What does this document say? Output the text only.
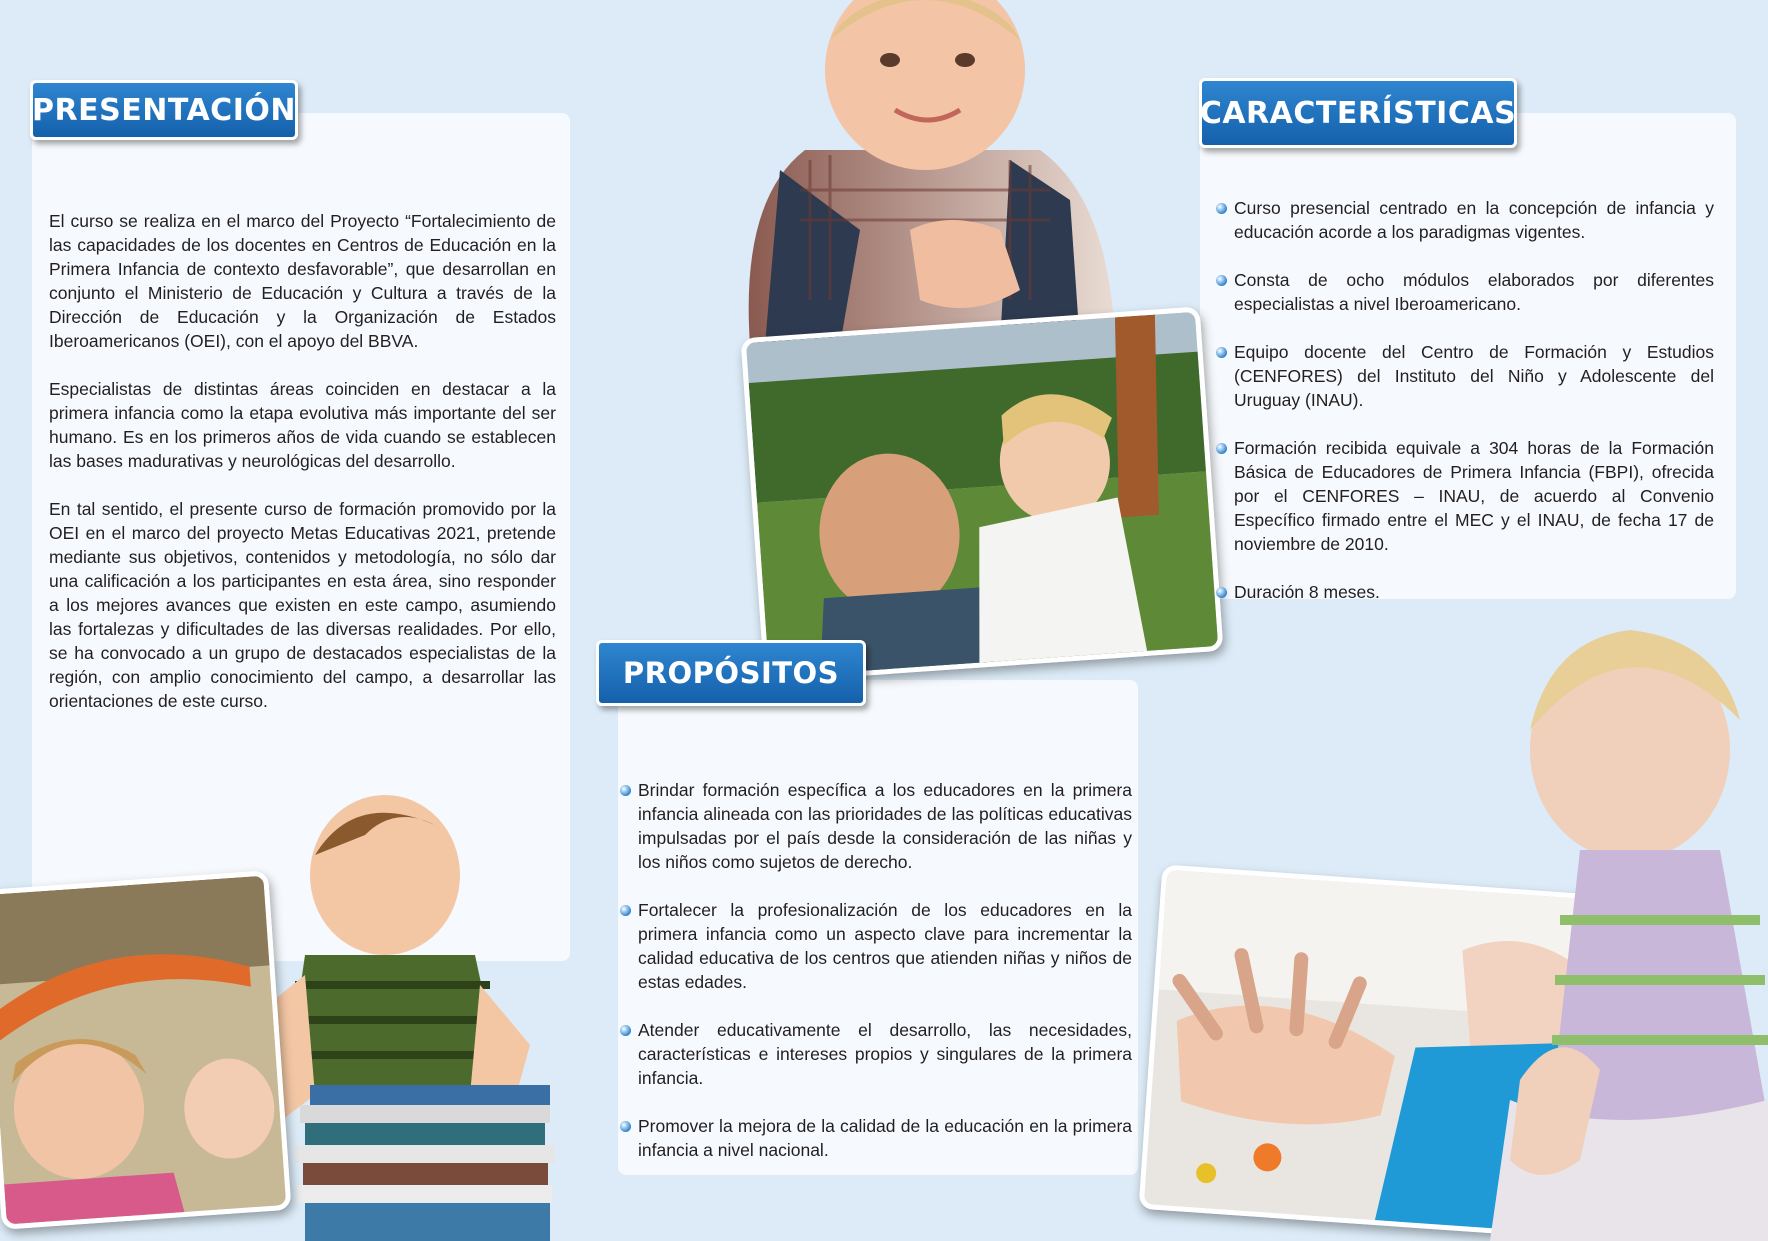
PRESENTACIÓN

El curso se realiza en el marco del Proyecto “Fortalecimiento de las capacidades de los docentes en Centros de Educación en la Primera Infancia de contexto desfavorable”, que desarrollan en conjunto el Ministerio de Educación y Cultura a través de la Dirección de Educación y la Organización de Estados Iberoamericanos (OEI), con el apoyo del BBVA.

Especialistas de distintas áreas coinciden en destacar a la primera infancia como la etapa evolutiva más importante del ser humano. Es en los primeros años de vida cuando se establecen las bases madurativas y neurológicas del desarrollo.

En tal sentido, el presente curso de formación promovido por la OEI en el marco del proyecto Metas Educativas 2021, pretende mediante sus objetivos, contenidos y metodología, no sólo dar una calificación a los participantes en esta área, sino responder a los mejores avances que existen en este campo, asumiendo las fortalezas y dificultades de las diversas realidades. Por ello, se ha convocado a un grupo de destacados especialistas de la región, con amplio conocimiento del campo, a desarrollar las orientaciones de este curso.

PROPÓSITOS
Brindar formación específica a los educadores en la primera infancia alineada con las prioridades de las políticas educativas impulsadas por el país desde la consideración de las niñas y los niños como sujetos de derecho.
Fortalecer la profesionalización de los educadores en la primera infancia como un aspecto clave para incrementar la calidad educativa de los centros que atienden niñas y niños de estas edades.
Atender educativamente el desarrollo, las necesidades, características e intereses propios y singulares de la primera infancia.
Promover la mejora de la calidad de la educación en la primera infancia a nivel nacional.
CARACTERÍSTICAS
Curso presencial centrado en la concepción de infancia y educación acorde a los paradigmas vigentes.
Consta de ocho módulos elaborados por diferentes especialistas a nivel Iberoamericano.
Equipo docente del Centro de Formación y Estudios (CENFORES) del Instituto del Niño y Adolescente del Uruguay (INAU).
Formación recibida equivale a 304 horas de la Formación Básica de Educadores de Primera Infancia (FBPI), ofrecida por el CENFORES – INAU, de acuerdo al Convenio Específico firmado entre el MEC y el INAU, de fecha 17 de noviembre de 2010.
Duración 8 meses.
